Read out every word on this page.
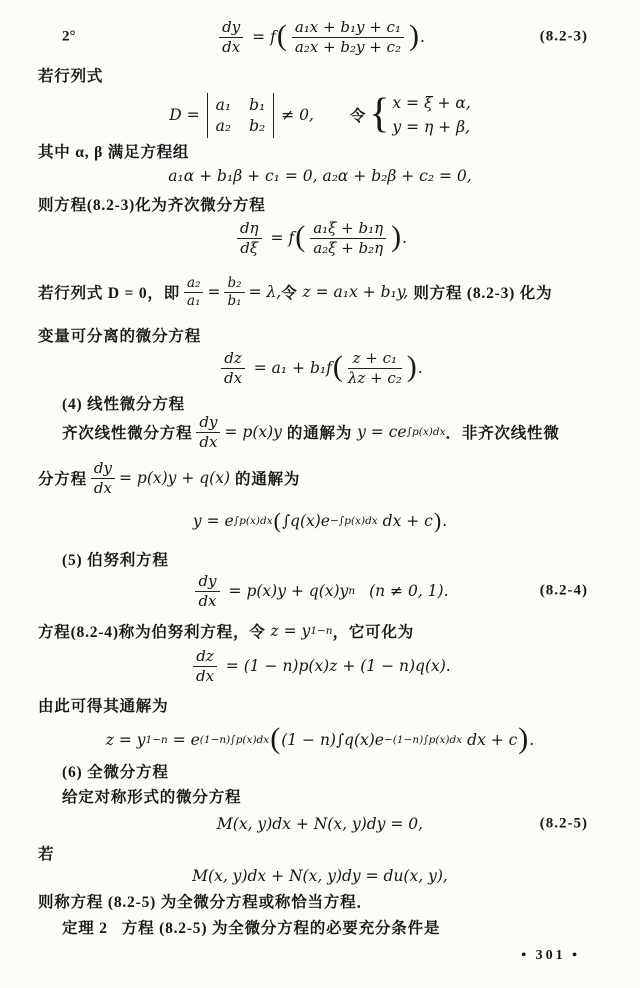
2°	$\frac{dy}{dx} = f$ ( $\frac{\text{a₁x + b₁y + c₁}}{\text{a₂x + b₂y + c₂}}$ ) .	(8.2-3)
若行列式
D =
a₁ b₁
a₂ b₂
≠ 0, 令 { x = ξ + α,
y = η + β,
其中 α, β 满足方程组
a₁α + b₁β + c₁ = 0, a₂α + b₂β + c₂ = 0,
则方程(8.2-3)化为齐次微分方程
$\frac{d\eta}{d\xi} = f$ ( $\frac{\text{a₁ξ + b₁η}}{\text{a₂ξ + b₂η}}$ ) .
若行列式 D = 0，即 $\frac{\text{a₂}}{\text{a₁}} = \frac{\text{b₂}}{\text{b₁}} = \lambda$, 令 z = a₁x + b₁y, 则方程 (8.2-3) 化为
变量可分离的微分方程
$\frac{dz}{dx} = a_1 + b_1f$ ( $\frac{\text{z + c₁}}{\text{λz + c₂}}$ ) .
(4) 线性微分方程
齐次线性微分方程 $\frac{dy}{dx} = p(x)y$ 的通解为 y = ce ∫p(x)dx ．非齐次线性微
分方程 $\frac{dy}{dx} = p(x)y + q(x)$ 的通解为
y = e ∫p(x)dx ( ∫q(x)e −∫p(x)dx dx + c ) .
(5) 伯努利方程
$\frac{dy}{dx} = p(x)y + q(x)y$ n (n ≠ 0, 1).	(8.2-4)
方程(8.2-4)称为 伯努利方程 ，令 z = y 1−n ，它可化为
$\frac{dz}{dx} = (1 - n)p(x)z + (1 - n)q(x)$.
由此可得其通解为
z = y 1−n = e (1−n)∫p(x)dx ( (1 − n)∫q(x)e −(1−n)∫p(x)dx dx + c ) .
(6) 全微分方程
给定对称形式的微分方程
M(x, y)dx + N(x, y)dy = 0,	(8.2-5)
若
M(x, y)dx + N(x, y)dy = du(x, y),
则称方程 (8.2-5) 为 全微分方程 或称 恰当方程 ．
定理 2 方程 (8.2-5) 为全微分方程的必要充分条件是
• 301 •
